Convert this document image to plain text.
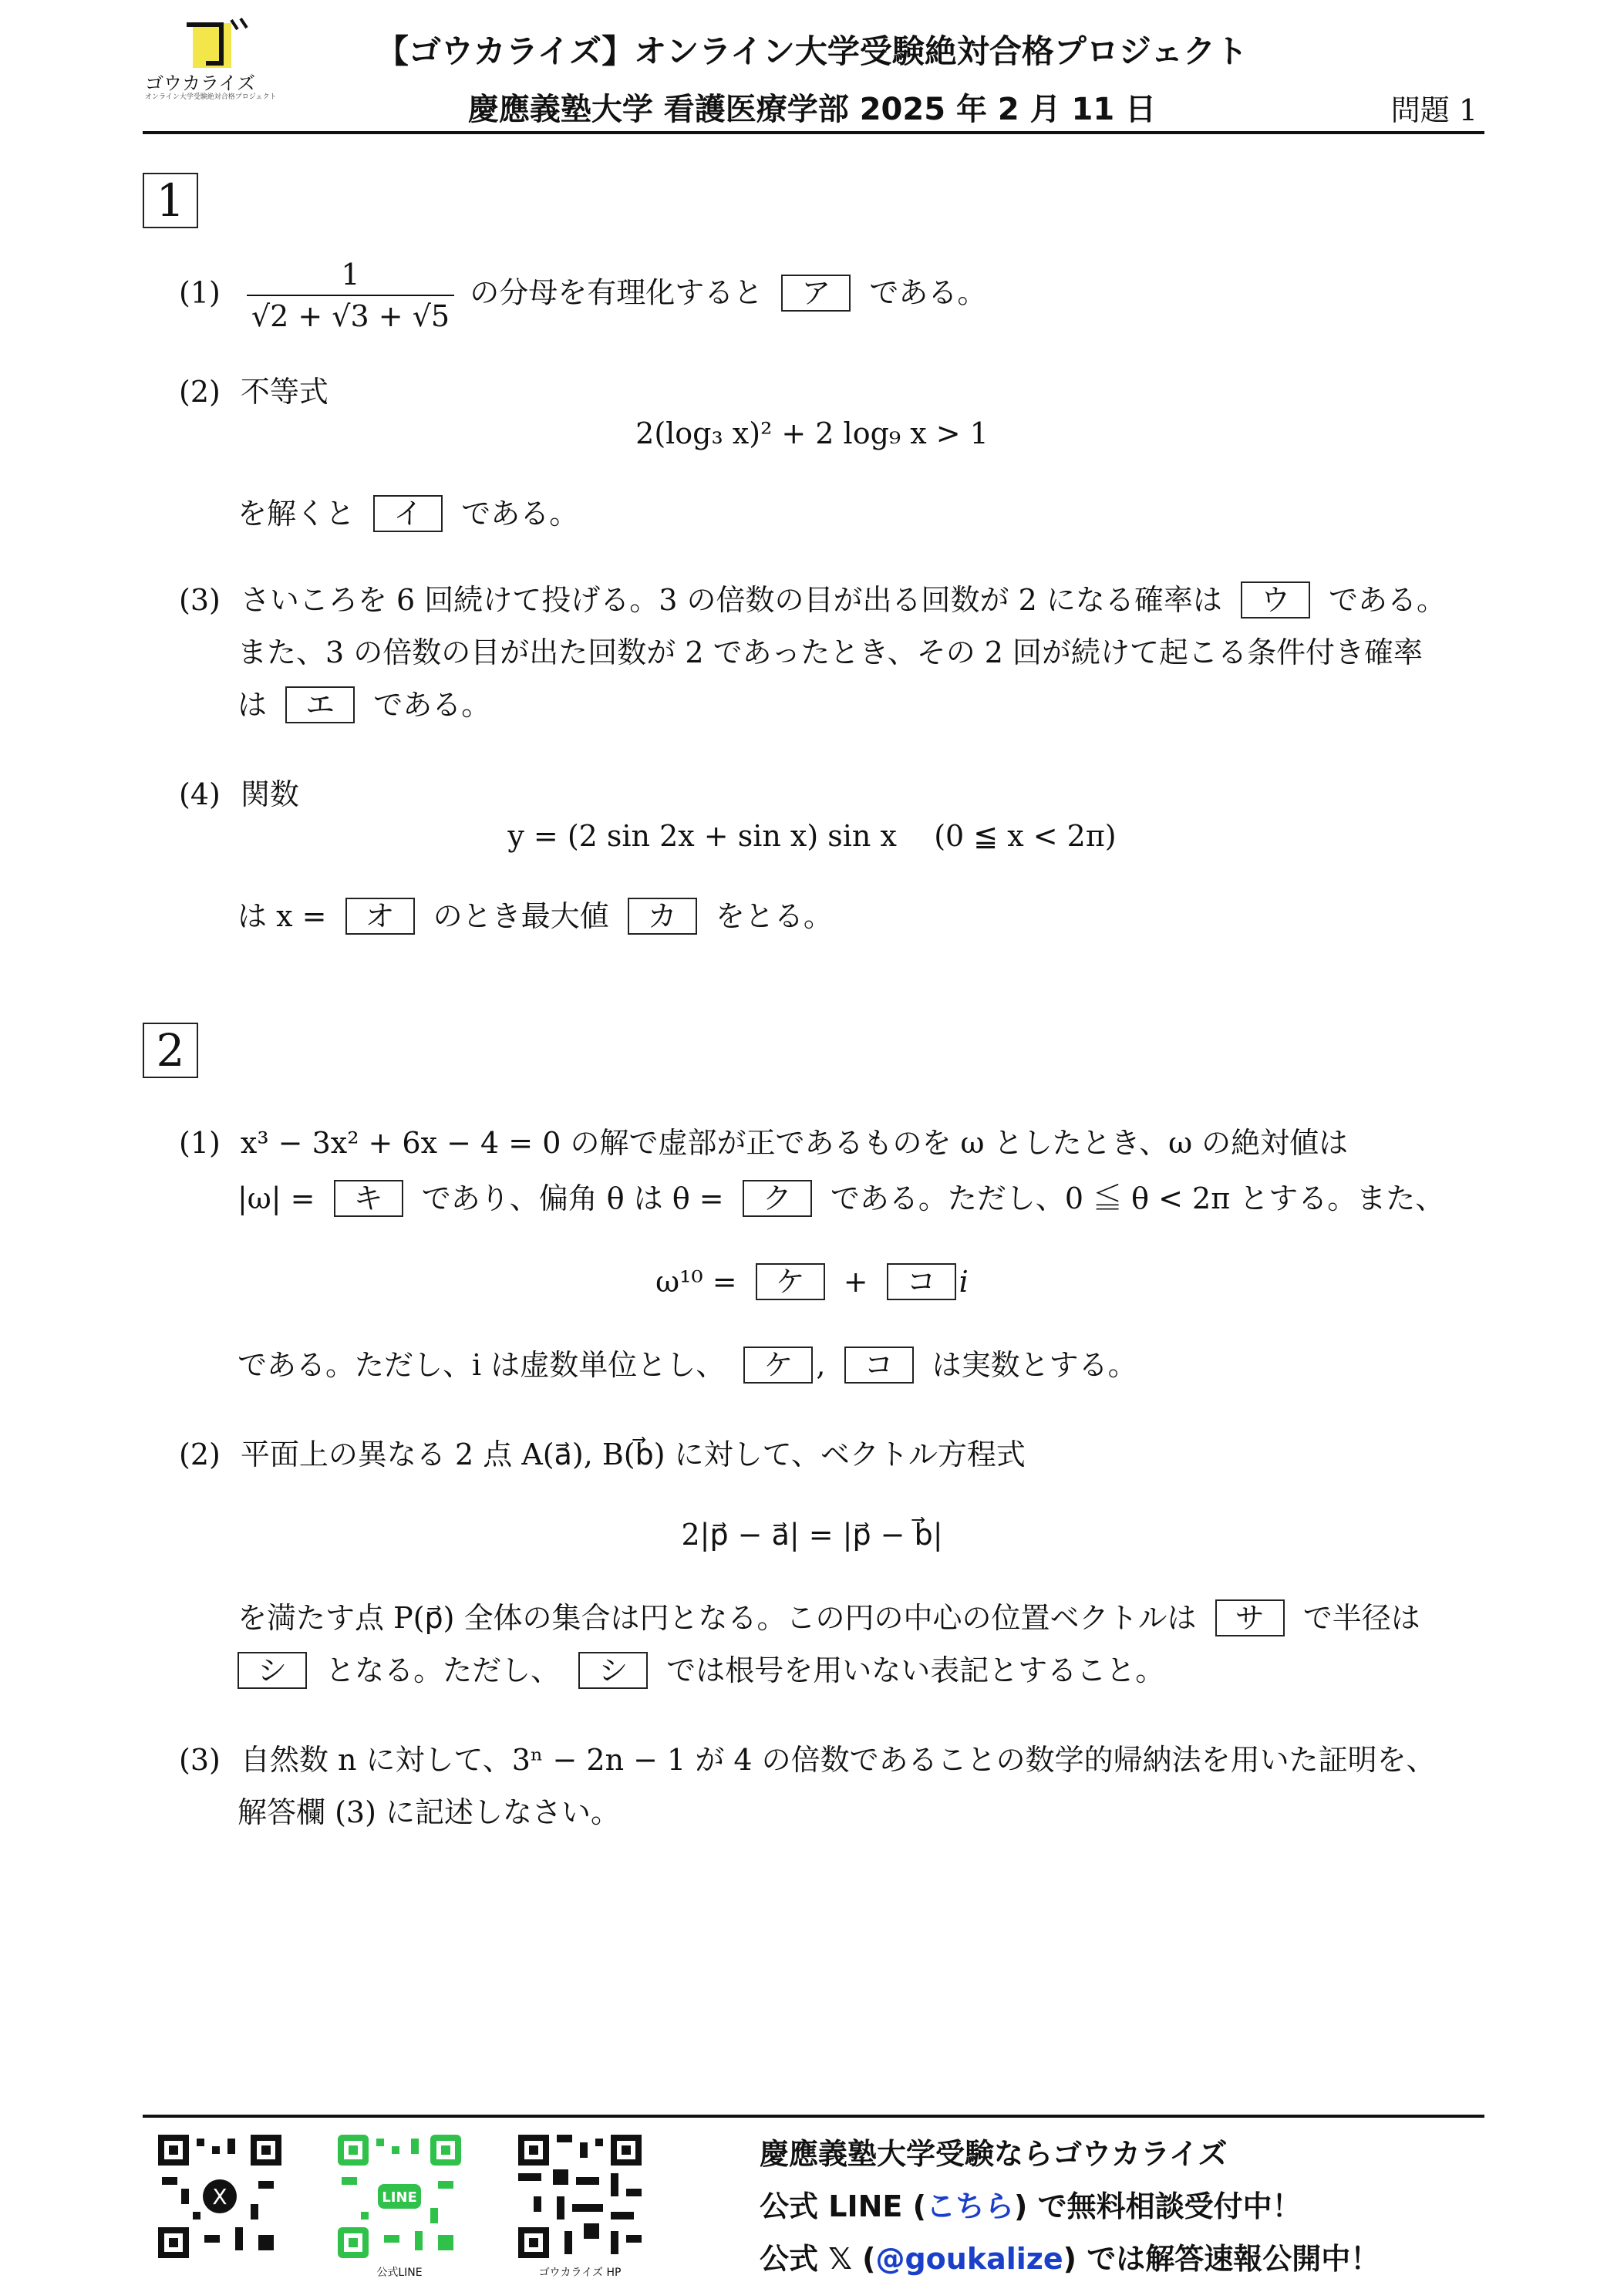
ゴウカライズ
オンライン大学受験絶対合格プロジェクト
【ゴウカライズ】オンライン大学受験絶対合格プロジェクト
慶應義塾大学 看護医療学部 2025 年 2 月 11 日	問題 1
1
$(1) \frac{1}{√2 + √3 + √5}$ の分母を有理化すると ア である。
(2) 不等式
2(log₃ x)² + 2 log₉ x > 1
を解くと イ である。
(3) さいころを 6 回続けて投げる。3 の倍数の目が出る回数が 2 になる確率は ウ である。
また、3 の倍数の目が出た回数が 2 であったとき、その 2 回が続けて起こる条件付き確率
は エ である。
(4) 関数
y = (2 sin 2x + sin x) sin x    (0 ≦ x < 2π)
は x = オ のとき最大値 カ をとる。
2
(1) x³ − 3x² + 6x − 4 = 0 の解で虚部が正であるものを ω としたとき、ω の絶対値は
|ω| = キ であり、偏角 θ は θ = ク である。ただし、0 ≦ θ < 2π とする。また、
ω¹⁰ = ケ + コ i
である。ただし、i は虚数単位とし、 ケ , コ は実数とする。
(2) 平面上の異なる 2 点 A(a⃗), B(b⃗) に対して、ベクトル方程式
2|p⃗ − a⃗| = |p⃗ − b⃗|
を満たす点 P(p⃗) 全体の集合は円となる。この円の中心の位置ベクトルは サ で半径は
シ となる。ただし、 シ では根号を用いない表記とすること。
(3) 自然数 n に対して、3ⁿ − 2n − 1 が 4 の倍数であることの数学的帰納法を用いた証明を、
解答欄 (3) に記述しなさい。
X	LINE
公式LINE	ゴウカライズ HP
慶應義塾大学受験ならゴウカライズ
公式 LINE (こちら) で無料相談受付中！
公式 𝕏 (@goukalize) では解答速報公開中！
